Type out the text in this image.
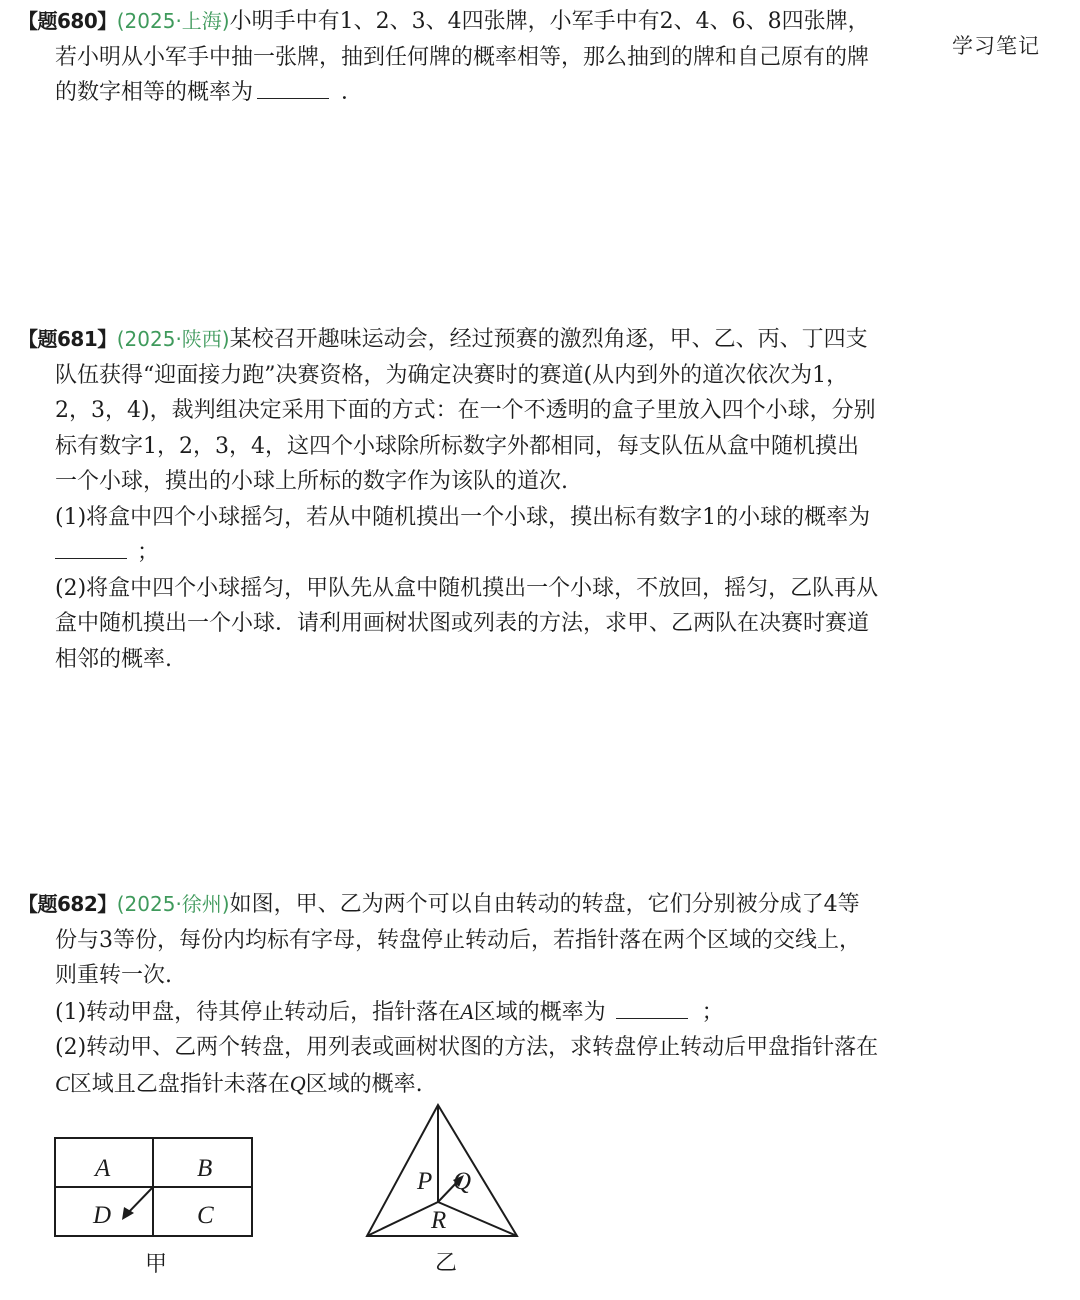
学习笔记
【题680】(2025·上海)小明手中有1、2、3、4四张牌，小军手中有2、4、6、8四张牌，
若小明从小军手中抽一张牌，抽到任何牌的概率相等，那么抽到的牌和自己原有的牌
的数字相等的概率为	．
【题681】(2025·陕西)某校召开趣味运动会，经过预赛的激烈角逐，甲、乙、丙、丁四支
队伍获得“迎面接力跑”决赛资格，为确定决赛时的赛道(从内到外的道次依次为1，
2，3，4)，裁判组决定采用下面的方式：在一个不透明的盒子里放入四个小球，分别
标有数字1，2，3，4，这四个小球除所标数字外都相同，每支队伍从盒中随机摸出
一个小球，摸出的小球上所标的数字作为该队的道次.
(1)将盒中四个小球摇匀，若从中随机摸出一个小球，摸出标有数字1的小球的概率为
；
(2)将盒中四个小球摇匀，甲队先从盒中随机摸出一个小球，不放回，摇匀，乙队再从
盒中随机摸出一个小球．请利用画树状图或列表的方法，求甲、乙两队在决赛时赛道
相邻的概率.
【题682】(2025·徐州)如图，甲、乙为两个可以自由转动的转盘，它们分别被分成了4等
份与3等份，每份内均标有字母，转盘停止转动后，若指针落在两个区域的交线上，
则重转一次.
(1)转动甲盘，待其停止转动后，指针落在A区域的概率为	；
(2)转动甲、乙两个转盘，用列表或画树状图的方法，求转盘停止转动后甲盘指针落在
C区域且乙盘指针未落在Q区域的概率.
A	B
D	C
甲
P Q
R
乙
